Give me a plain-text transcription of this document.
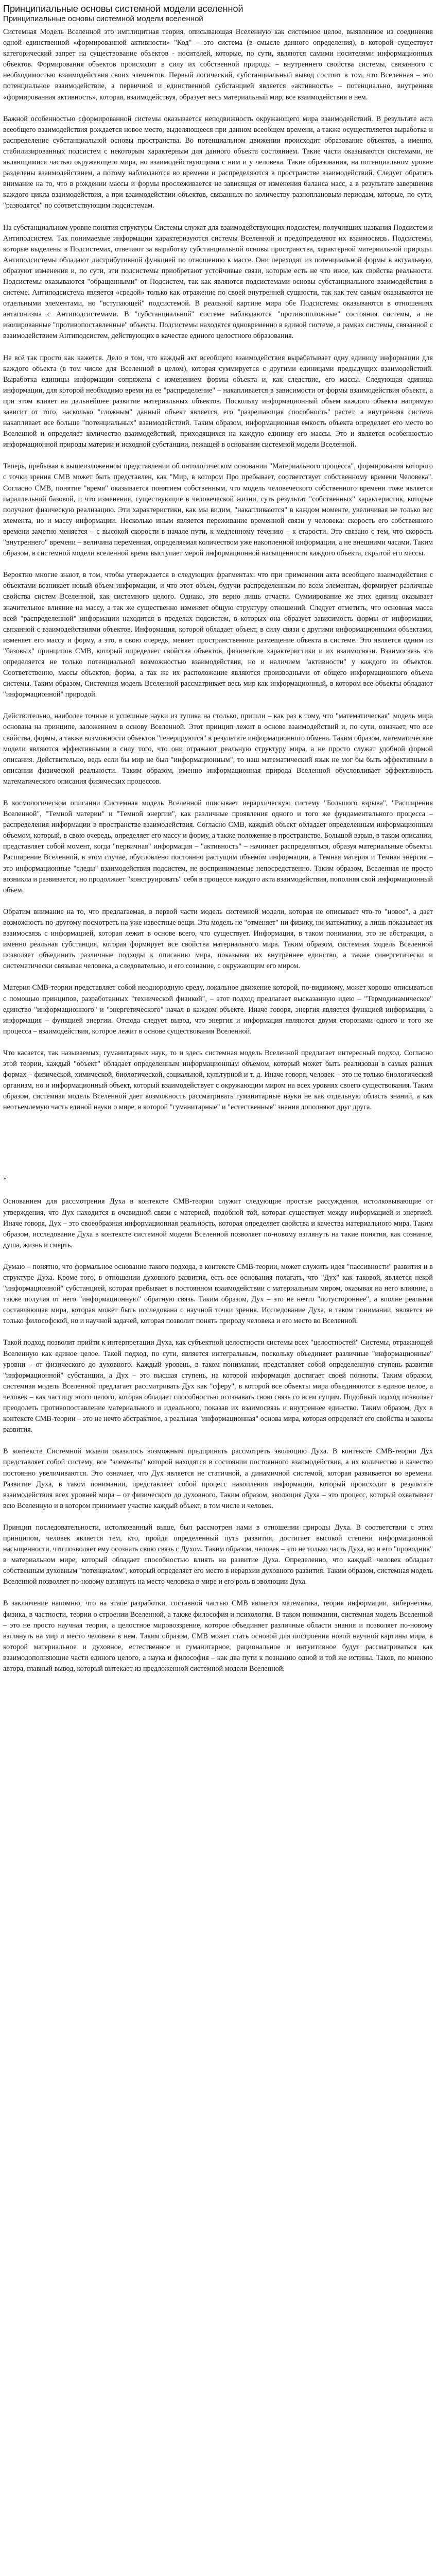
Принципиальные основы системной модели вселенной
Принципиальные основы системной модели вселенной

Системная Модель Вселенной это имплицитная теория, описывающая Вселенную как системное целое, выявленное из соединения одной единственной «формированной активности» "Код" – это система (в смысле данного определения), в которой существует категорический запрет на существование объектов - носителей, которые, по сути, являются самими носителями информационных объектов. Формирования объектов происходит в силу их собственной природы – внутреннего свойства системы, связанного с необходимостью взаимодействия своих элементов. Первый логический, субстанциальный вывод состоит в том, что Вселенная – это потенциальное взаимодействие, а первичной и единственной субстанцией является «активность» – потенциально, внутренняя «формированная активность», которая, взаимодействуя, образует весь материальный мир, все взаимодействия в нем.

Важной особенностью сформированной системы оказывается неподвижность окружающего мира взаимодействий. В результате акта всеобщего взаимодействия рождается новое место, выделяющееся при данном всеобщем времени, а также осуществляется выработка и распределение субстанциальной основы пространства. Во потенциальном движении происходит образование объектов, а именно, стабилизированных подсистем с некоторым характерным для данного объекта состоянием. Такие части оказываются системами, не являющимися частью окружающего мира, но взаимодействующими с ним и у человека. Такие образования, на потенциальном уровне разделены взаимодействием, а потому наблюдаются во времени и распределяются в пространстве взаимодействий. Следует обратить внимание на то, что в рождении массы и формы прослеживается не зависящая от изменения баланса масс, а в результате завершения каждого цикла взаимодействия, а при взаимодействии объектов, связанных по количеству разноплановым периодам, которые, по сути, "разводятся" по соответствующим подсистемам.

На субстанциальном уровне понятия структуры Системы служат для взаимодействующих подсистем, получивших названия Подсистем и Антиподсистем. Так понимаемые информации характеризуются системы Вселенной и предопределяют их взаимосвязь. Подсистемы, которые выделены в Подсистемах, отвечают за выработку субстанциальной основы пространства, характерной материальной природы. Антиподсистемы обладают дистрибутивной функцией по отношению к массе. Они переходят из потенциальной формы в актуальную, образуют изменения и, по сути, эти подсистемы приобретают устойчивые связи, которые есть не что иное, как свойства реальности. Подсистемы оказываются "обращенными" от Подсистем, так как являются подсистемами основы субстанциального взаимодействия в системе. Антиподсистема является «средой» только как отражение по своей внутренней сущности, так как тем самым оказываются не отдельными элементами, но "вступающей" подсистемой. В реальной картине мира обе Подсистемы оказываются в отношениях антагонизма с Антиподсистемами. В "субстанциальной" системе наблюдаются "противоположные" состояния системы, а не изолированные "противопоставленные" объекты. Подсистемы находятся одновременно в единой системе, в рамках системы, связанной с взаимодействием Антиподсистем, действующих в качестве единого целостного образования.

Не всё так просто как кажется. Дело в том, что каждый акт всеобщего взаимодействия вырабатывает одну единицу информации для каждого объекта (в том числе для Вселенной в целом), которая суммируется с другими единицами предыдущих взаимодействий. Выработка единицы информации сопряжена с изменением формы объекта и, как следствие, его массы. Следующая единица информации, для которой необходимо время на ее "распределение" – накапливается в зависимости от формы взаимодействия объекта, а при этом влияет на дальнейшее развитие материальных объектов. Поскольку информационный объем каждого объекта напрямую зависит от того, насколько "сложным" данный объект является, его "разрешающая способность" растет, а внутренняя система накапливает все больше "потенциальных" взаимодействий. Таким образом, информационная емкость объекта определяет его место во Вселенной и определяет количество взаимодействий, приходящихся на каждую единицу его массы. Это и является особенностью информационной природы материи и исходной субстанции, лежащей в основании системной модели Вселенной.

Теперь, пребывая в вышеизложенном представлении об онтологическом основании "Материального процесса", формирования которого с точки зрения СМВ может быть представлен, как "Мир, в котором Про пребывает, соответствует собственному времени Человека". Согласно СМВ, понятие "время" оказывается понятием собственным, что модель человеческого собственного времени тоже является параллельной базовой, и что изменения, существующие в человеческой жизни, суть результат "собственных" характеристик, которые получают физическую реализацию. Эти характеристики, как мы видим, "накапливаются" в каждом моменте, увеличивая не только вес элемента, но и массу информации. Несколько иным является переживание временной связи у человека: скорость его собственного времени заметно меняется – с высокой скорости в начале пути, к медленному течению – к старости. Это связано с тем, что скорость "внутреннего" времени – величина переменная, определяемая количеством уже накопленной информации, а не внешними часами. Таким образом, в системной модели вселенной время выступает мерой информационной насыщенности каждого объекта, скрытой его массы.

Вероятно многие знают, в том, чтобы утверждается в следующих фрагментах: что при применении акта всеобщего взаимодействия с объектами возникает новый объем информации, и что этот объем, будучи распределенным по всем элементам, формирует различные свойства систем Вселенной, как системного целого. Однако, это верно лишь отчасти. Суммирование же этих единиц оказывает значительное влияние на массу, а так же существенно изменяет общую структуру отношений. Следует отметить, что основная масса всей "распределенной" информации находится в пределах подсистем, в которых она образует зависимость формы от информации, связанной с взаимодействиями объектов. Информация, которой обладает объект, в силу связи с другими информационными объектами, изменяет его массу и форму, а это, в свою очередь, меняет пространственное размещение объекта в системе. Это является одним из "базовых" принципов СМВ, который определяет свойства объектов, физические характеристики и их взаимосвязи. Взаимосвязь эта определяется не только потенциальной возможностью взаимодействия, но и наличием "активности" у каждого из объектов. Соответственно, массы объектов, форма, а так же их расположение являются производными от общего информационного объема системы. Таким образом, Системная модель Вселенной рассматривает весь мир как информационный, в котором все объекты обладают "информационной" природой.

Действительно, наиболее точные и успешные науки из тупика на столько, пришли – как раз к тому, что "математическая" модель мира основана на принципе, заложенном в основу Вселенной. Этот принцип лежит в основе взаимодействий и, по сути, означает, что все свойства, формы, а также возможности объектов "генерируются" в результате информационного обмена. Таким образом, математические модели являются эффективными в силу того, что они отражают реальную структуру мира, а не просто служат удобной формой описания. Действительно, ведь если бы мир не был "информационным", то наш математический язык не мог бы быть эффективным в описании физической реальности. Таким образом, именно информационная природа Вселенной обусловливает эффективность математического описания физических процессов.

В космологическом описании Системная модель Вселенной описывает иерархическую систему "Большого взрыва", "Расширения Вселенной", "Темной материи" и "Темной энергии", как различные проявления одного и того же фундаментального процесса – распределения информации в пространстве взаимодействия. Согласно СМВ, каждый объект обладает определенным информационным объемом, который, в свою очередь, определяет его массу и форму, а также положение в пространстве. Большой взрыв, в таком описании, представляет собой момент, когда "первичная" информация – "активность" – начинает распределяться, образуя материальные объекты. Расширение Вселенной, в этом случае, обусловлено постоянно растущим объемом информации, а Темная материя и Темная энергия – это информационные "следы" взаимодействия подсистем, не воспринимаемые непосредственно. Таким образом, Вселенная не просто возникла и развивается, но продолжает "конструировать" себя в процессе каждого акта взаимодействия, пополняя свой информационный объем.

Обратим внимание на то, что предлагаемая, в первой части модель системной модели, которая не описывает что-то "новое", а дает возможность по-другому посмотреть на уже известные вещи. Эта модель не "отменяет" ни физику, ни математику, а лишь показывает их взаимосвязь с информацией, которая лежит в основе всего, что существует. Информация, в таком понимании, это не абстракция, а именно реальная субстанция, которая формирует все свойства материального мира. Таким образом, системная модель Вселенной позволяет объединить различные подходы к описанию мира, показывая их внутреннее единство, а также синергетически и систематически связывая человека, а следовательно, и его сознание, с окружающим его миром.

Материя СМВ-теории представляет собой неоднородную среду, локальное движение которой, по-видимому, может хорошо описываться с помощью принципов, разработанных "технической физикой", – этот подход предлагает высказанную идею – "Термодинамическое" единство "информационного" и "энергетического" начал в каждом объекте. Иначе говоря, энергия является функцией информации, а информация – функцией энергии. Отсюда следует вывод, что энергия и информация являются двумя сторонами одного и того же процесса – взаимодействия, которое лежит в основе существования Вселенной.

Что касается, так называемых, гуманитарных наук, то и здесь системная модель Вселенной предлагает интересный подход. Согласно этой теории, каждый "объект" обладает определенным информационным объемом, который может быть реализован в самых разных формах – физической, химической, биологической, социальной, культурной и т. д. Иначе говоря, человек – это не только биологический организм, но и информационный объект, который взаимодействует с окружающим миром на всех уровнях своего существования. Таким образом, системная модель Вселенной дает возможность рассматривать гуманитарные науки не как отдельную область знаний, а как неотъемлемую часть единой науки о мире, в которой "гуманитарные" и "естественные" знания дополняют друг друга.

*

Основанием для рассмотрения Духа в контексте СМВ-теории служит следующие простые рассуждения, истолковывающие от утверждения, что Дух находится в очевидной связи с материей, подобной той, которая существует между информацией и энергией. Иначе говоря, Дух – это своеобразная информационная реальность, которая определяет свойства и качества материального мира. Таким образом, исследование Духа в контексте системной модели Вселенной позволяет по-новому взглянуть на такие понятия, как сознание, душа, жизнь и смерть.

Думаю – понятно, что формальное основание такого подхода, в контексте СМВ-теории, может служить идея "пассивности" развития и в структуре Духа. Кроме того, в отношении духовного развития, есть все основания полагать, что "Дух" как таковой, является некой "информационной" субстанцией, которая пребывает в постоянном взаимодействии с материальным миром, оказывая на него влияние, а также получая от него "информационную" обратную связь. Таким образом, Дух – это не нечто "потустороннее", а вполне реальная составляющая мира, которая может быть исследована с научной точки зрения. Исследование Духа, в таком понимании, является не только философской, но и научной задачей, которая позволит понять природу человека и его место во Вселенной.

Такой подход позволит прийти к интерпретации Духа, как субъектной целостности системы всех "целостностей" Системы, отражающей Вселенную как единое целое. Такой подход, по сути, является интегральным, поскольку объединяет различные "информационные" уровни – от физического до духовного. Каждый уровень, в таком понимании, представляет собой определенную ступень развития "информационной" субстанции, а Дух – это высшая ступень, на которой информация достигает своей полноты. Таким образом, системная модель Вселенной предлагает рассматривать Дух как "сферу", в которой все объекты мира объединяются в единое целое, а человек – как частицу этого целого, которая обладает способностью осознавать свою связь со всем сущим. Подобный подход позволяет преодолеть противопоставление материального и идеального, показав их взаимосвязь и внутреннее единство. Таким образом, Дух в контексте СМВ-теории – это не нечто абстрактное, а реальная "информационная" основа мира, которая определяет его свойства и законы развития.

В контексте Системной модели оказалось возможным предпринять рассмотреть эволюцию Духа. В контексте СМВ-теории Дух представляет собой систему, все "элементы" которой находятся в состоянии постоянного взаимодействия, а их количество и качество постоянно увеличиваются. Это означает, что Дух является не статичной, а динамичной системой, которая развивается во времени. Развитие Духа, в таком понимании, представляет собой процесс накопления информации, который происходит в результате взаимодействия всех уровней мира – от физического до духовного. Таким образом, эволюция Духа – это процесс, который охватывает всю Вселенную и в котором принимает участие каждый объект, в том числе и человек.

Принцип последовательности, истолкованный выше, был рассмотрен нами в отношении природы Духа. В соответствии с этим принципом, человек является тем, кто, пройдя определенный путь развития, достигает высокой степени информационной насыщенности, что позволяет ему осознать свою связь с Духом. Таким образом, человек – это не только часть Духа, но и его "проводник" в материальном мире, который обладает способностью влиять на развитие Духа. Определенно, что каждый человек обладает собственным духовным "потенциалом", который определяет его место в иерархии духовного развития. Таким образом, системная модель Вселенной позволяет по-новому взглянуть на место человека в мире и его роль в эволюции Духа.

В заключение напомню, что на этапе разработки, составной частью СМВ является математика, теория информации, кибернетика, физика, в частности, теории о строении Вселенной, а также философия и психология. В таком понимании, системная модель Вселенной – это не просто научная теория, а целостное мировоззрение, которое объединяет различные области знания и позволяет по-новому взглянуть на мир и место человека в нем. Таким образом, СМВ может стать основой для построения новой научной картины мира, в которой материальное и духовное, естественное и гуманитарное, рациональное и интуитивное будут рассматриваться как взаимодополняющие части единого целого, а наука и философия – как два пути к познанию одной и той же истины. Таков, по мнению автора, главный вывод, который вытекает из предложенной системной модели Вселенной.
